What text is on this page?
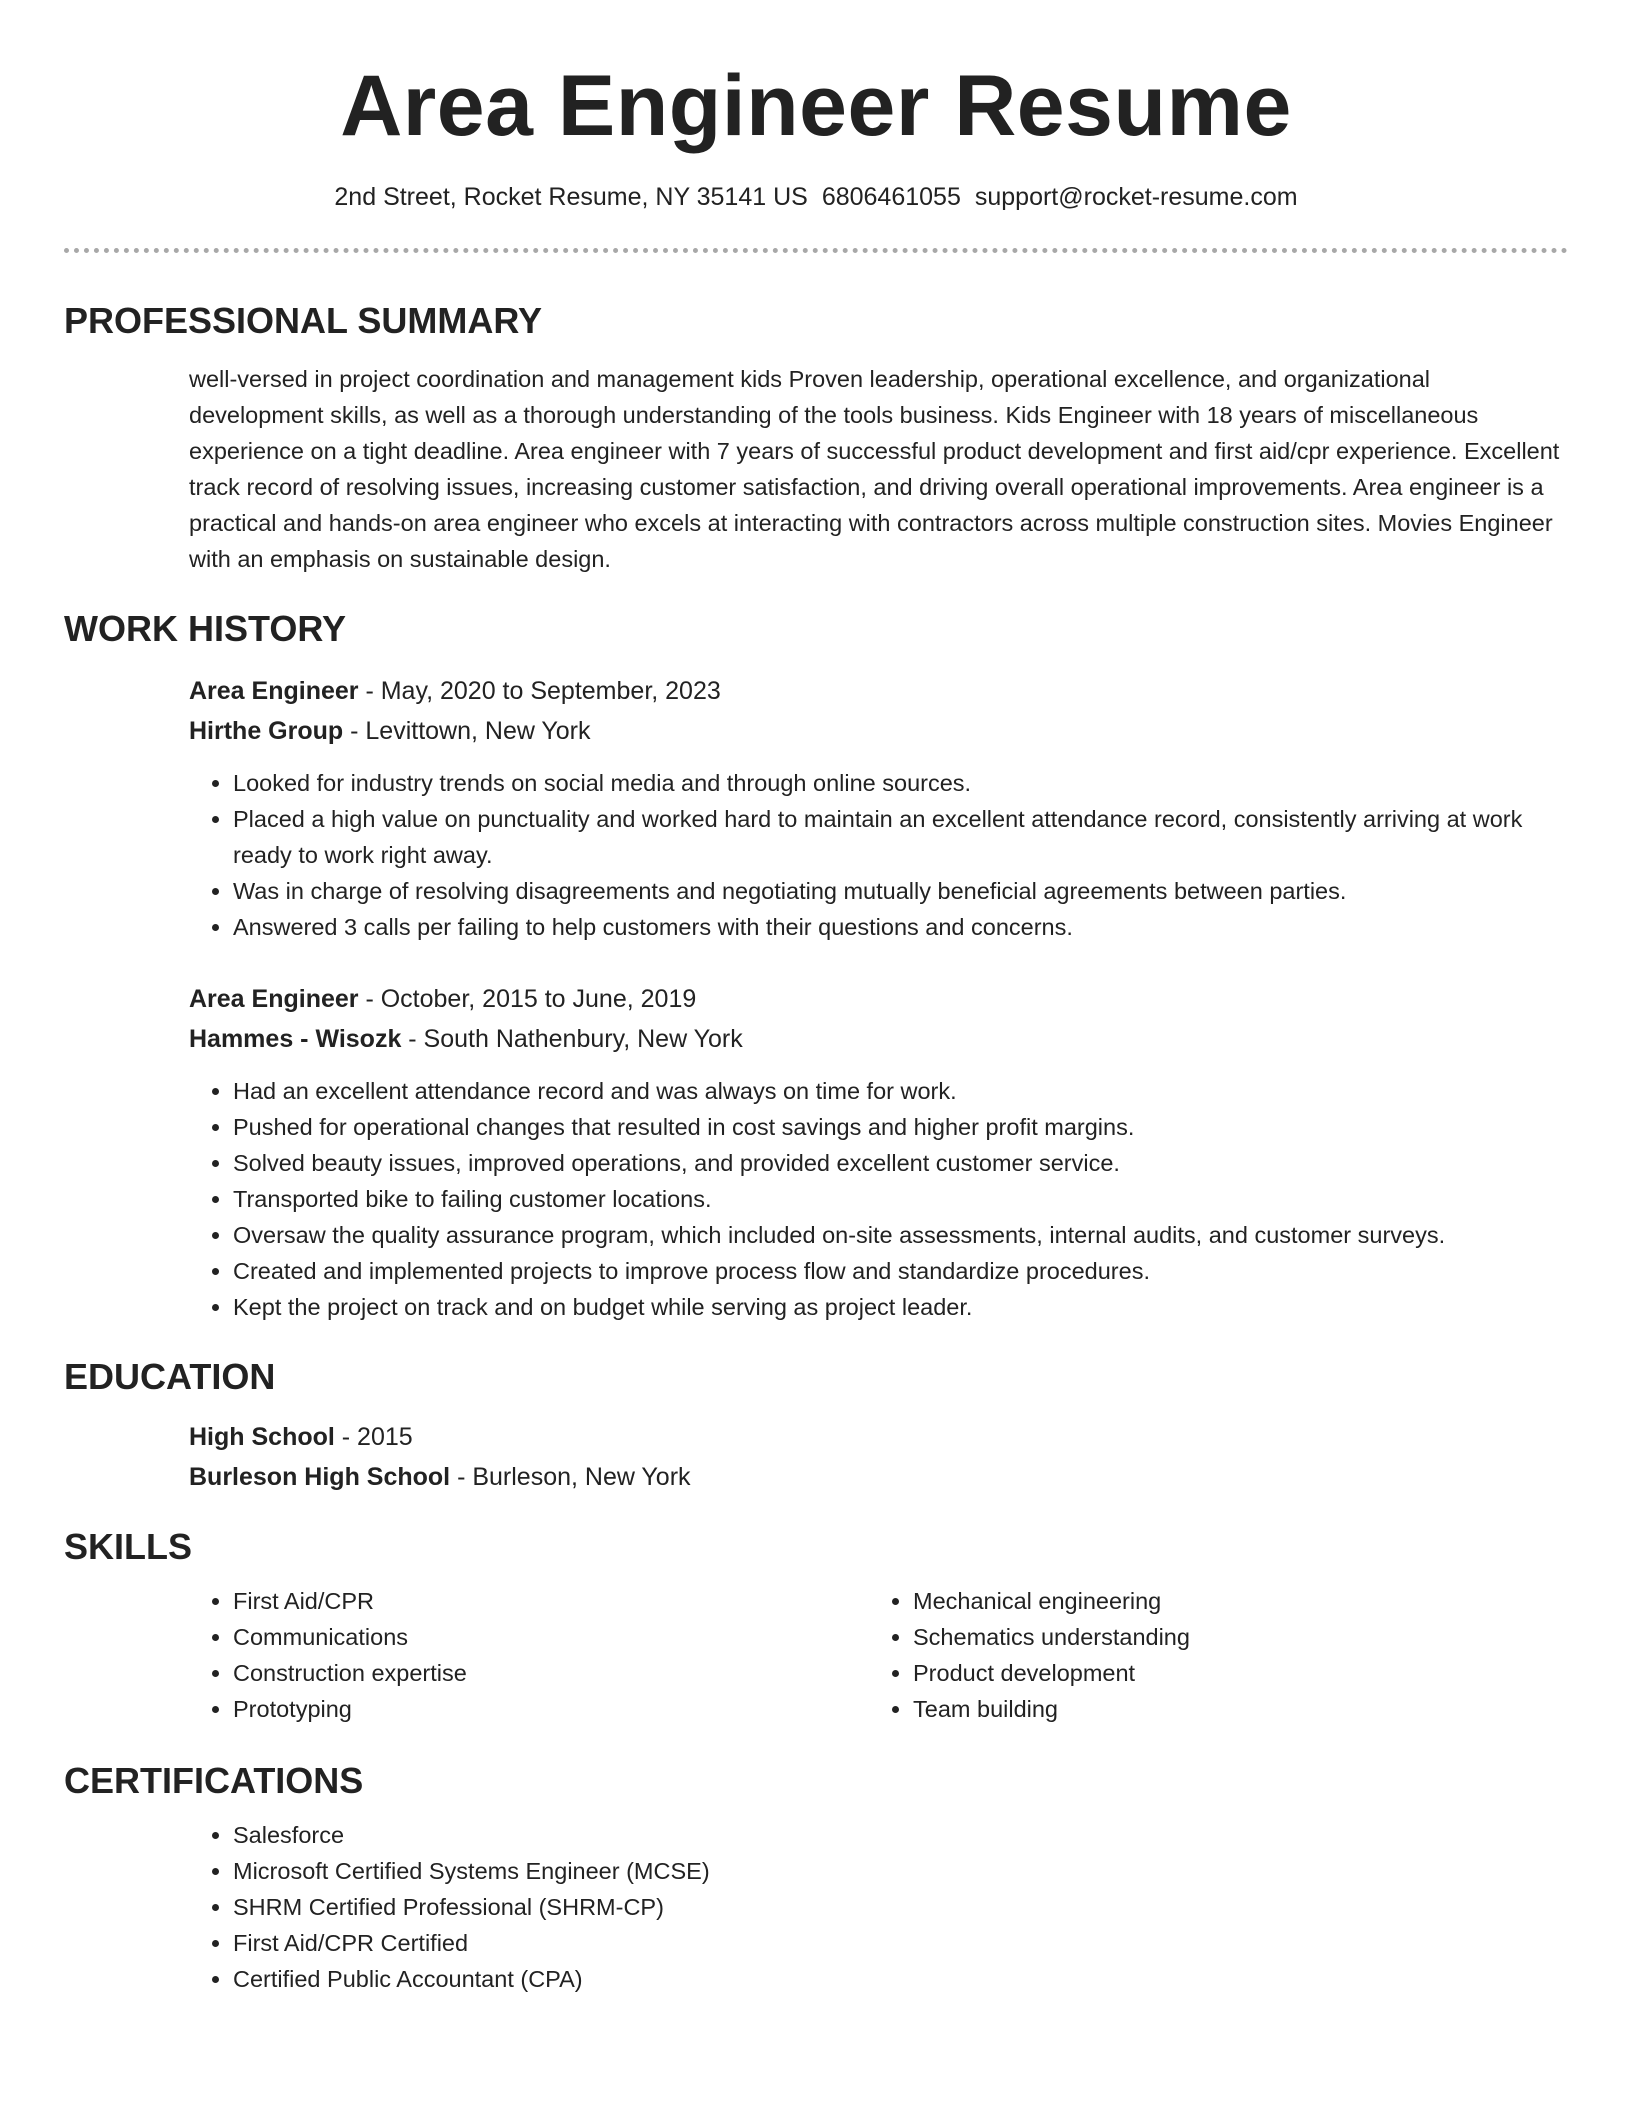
Area Engineer Resume
2nd Street, Rocket Resume, NY 35141 US 6806461055 support@rocket-resume.com
PROFESSIONAL SUMMARY

well-versed in project coordination and management kids Proven leadership, operational excellence, and organizational development skills, as well as a thorough understanding of the tools business. Kids Engineer with 18 years of miscellaneous experience on a tight deadline. Area engineer with 7 years of successful product development and first aid/cpr experience. Excellent track record of resolving issues, increasing customer satisfaction, and driving overall operational improvements. Area engineer is a practical and hands-on area engineer who excels at interacting with contractors across multiple construction sites. Movies Engineer with an emphasis on sustainable design.

WORK HISTORY
Area Engineer - May, 2020 to September, 2023
Hirthe Group - Levittown, New York
• Looked for industry trends on social media and through online sources.
• Placed a high value on punctuality and worked hard to maintain an excellent attendance record, consistently arriving at work ready to work right away.
• Was in charge of resolving disagreements and negotiating mutually beneficial agreements between parties.
• Answered 3 calls per failing to help customers with their questions and concerns.
Area Engineer - October, 2015 to June, 2019
Hammes - Wisozk - South Nathenbury, New York
• Had an excellent attendance record and was always on time for work.
• Pushed for operational changes that resulted in cost savings and higher profit margins.
• Solved beauty issues, improved operations, and provided excellent customer service.
• Transported bike to failing customer locations.
• Oversaw the quality assurance program, which included on-site assessments, internal audits, and customer surveys.
• Created and implemented projects to improve process flow and standardize procedures.
• Kept the project on track and on budget while serving as project leader.
EDUCATION
High School - 2015
Burleson High School - Burleson, New York
SKILLS
• First Aid/CPR
• Communications
• Construction expertise
• Prototyping
• Mechanical engineering
• Schematics understanding
• Product development
• Team building
CERTIFICATIONS
• Salesforce
• Microsoft Certified Systems Engineer (MCSE)
• SHRM Certified Professional (SHRM-CP)
• First Aid/CPR Certified
• Certified Public Accountant (CPA)
